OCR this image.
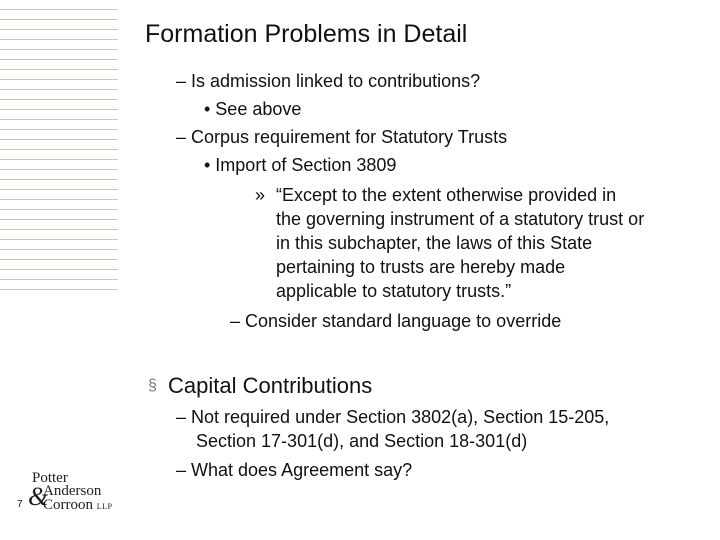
Formation Problems in Detail
– Is admission linked to contributions?
• See above
– Corpus requirement for Statutory Trusts
• Import of Section 3809
» “Except to the extent otherwise provided in
the governing instrument of a statutory trust or
in this subchapter, the laws of this State
pertaining to trusts are hereby made
applicable to statutory trusts.”
– Consider standard language to override
§ Capital Contributions
– Not required under Section 3802(a), Section 15-205,
Section 17-301(d), and Section 18-301(d)
– What does Agreement say?
Potter
&
Anderson
Corroon LLP
7
